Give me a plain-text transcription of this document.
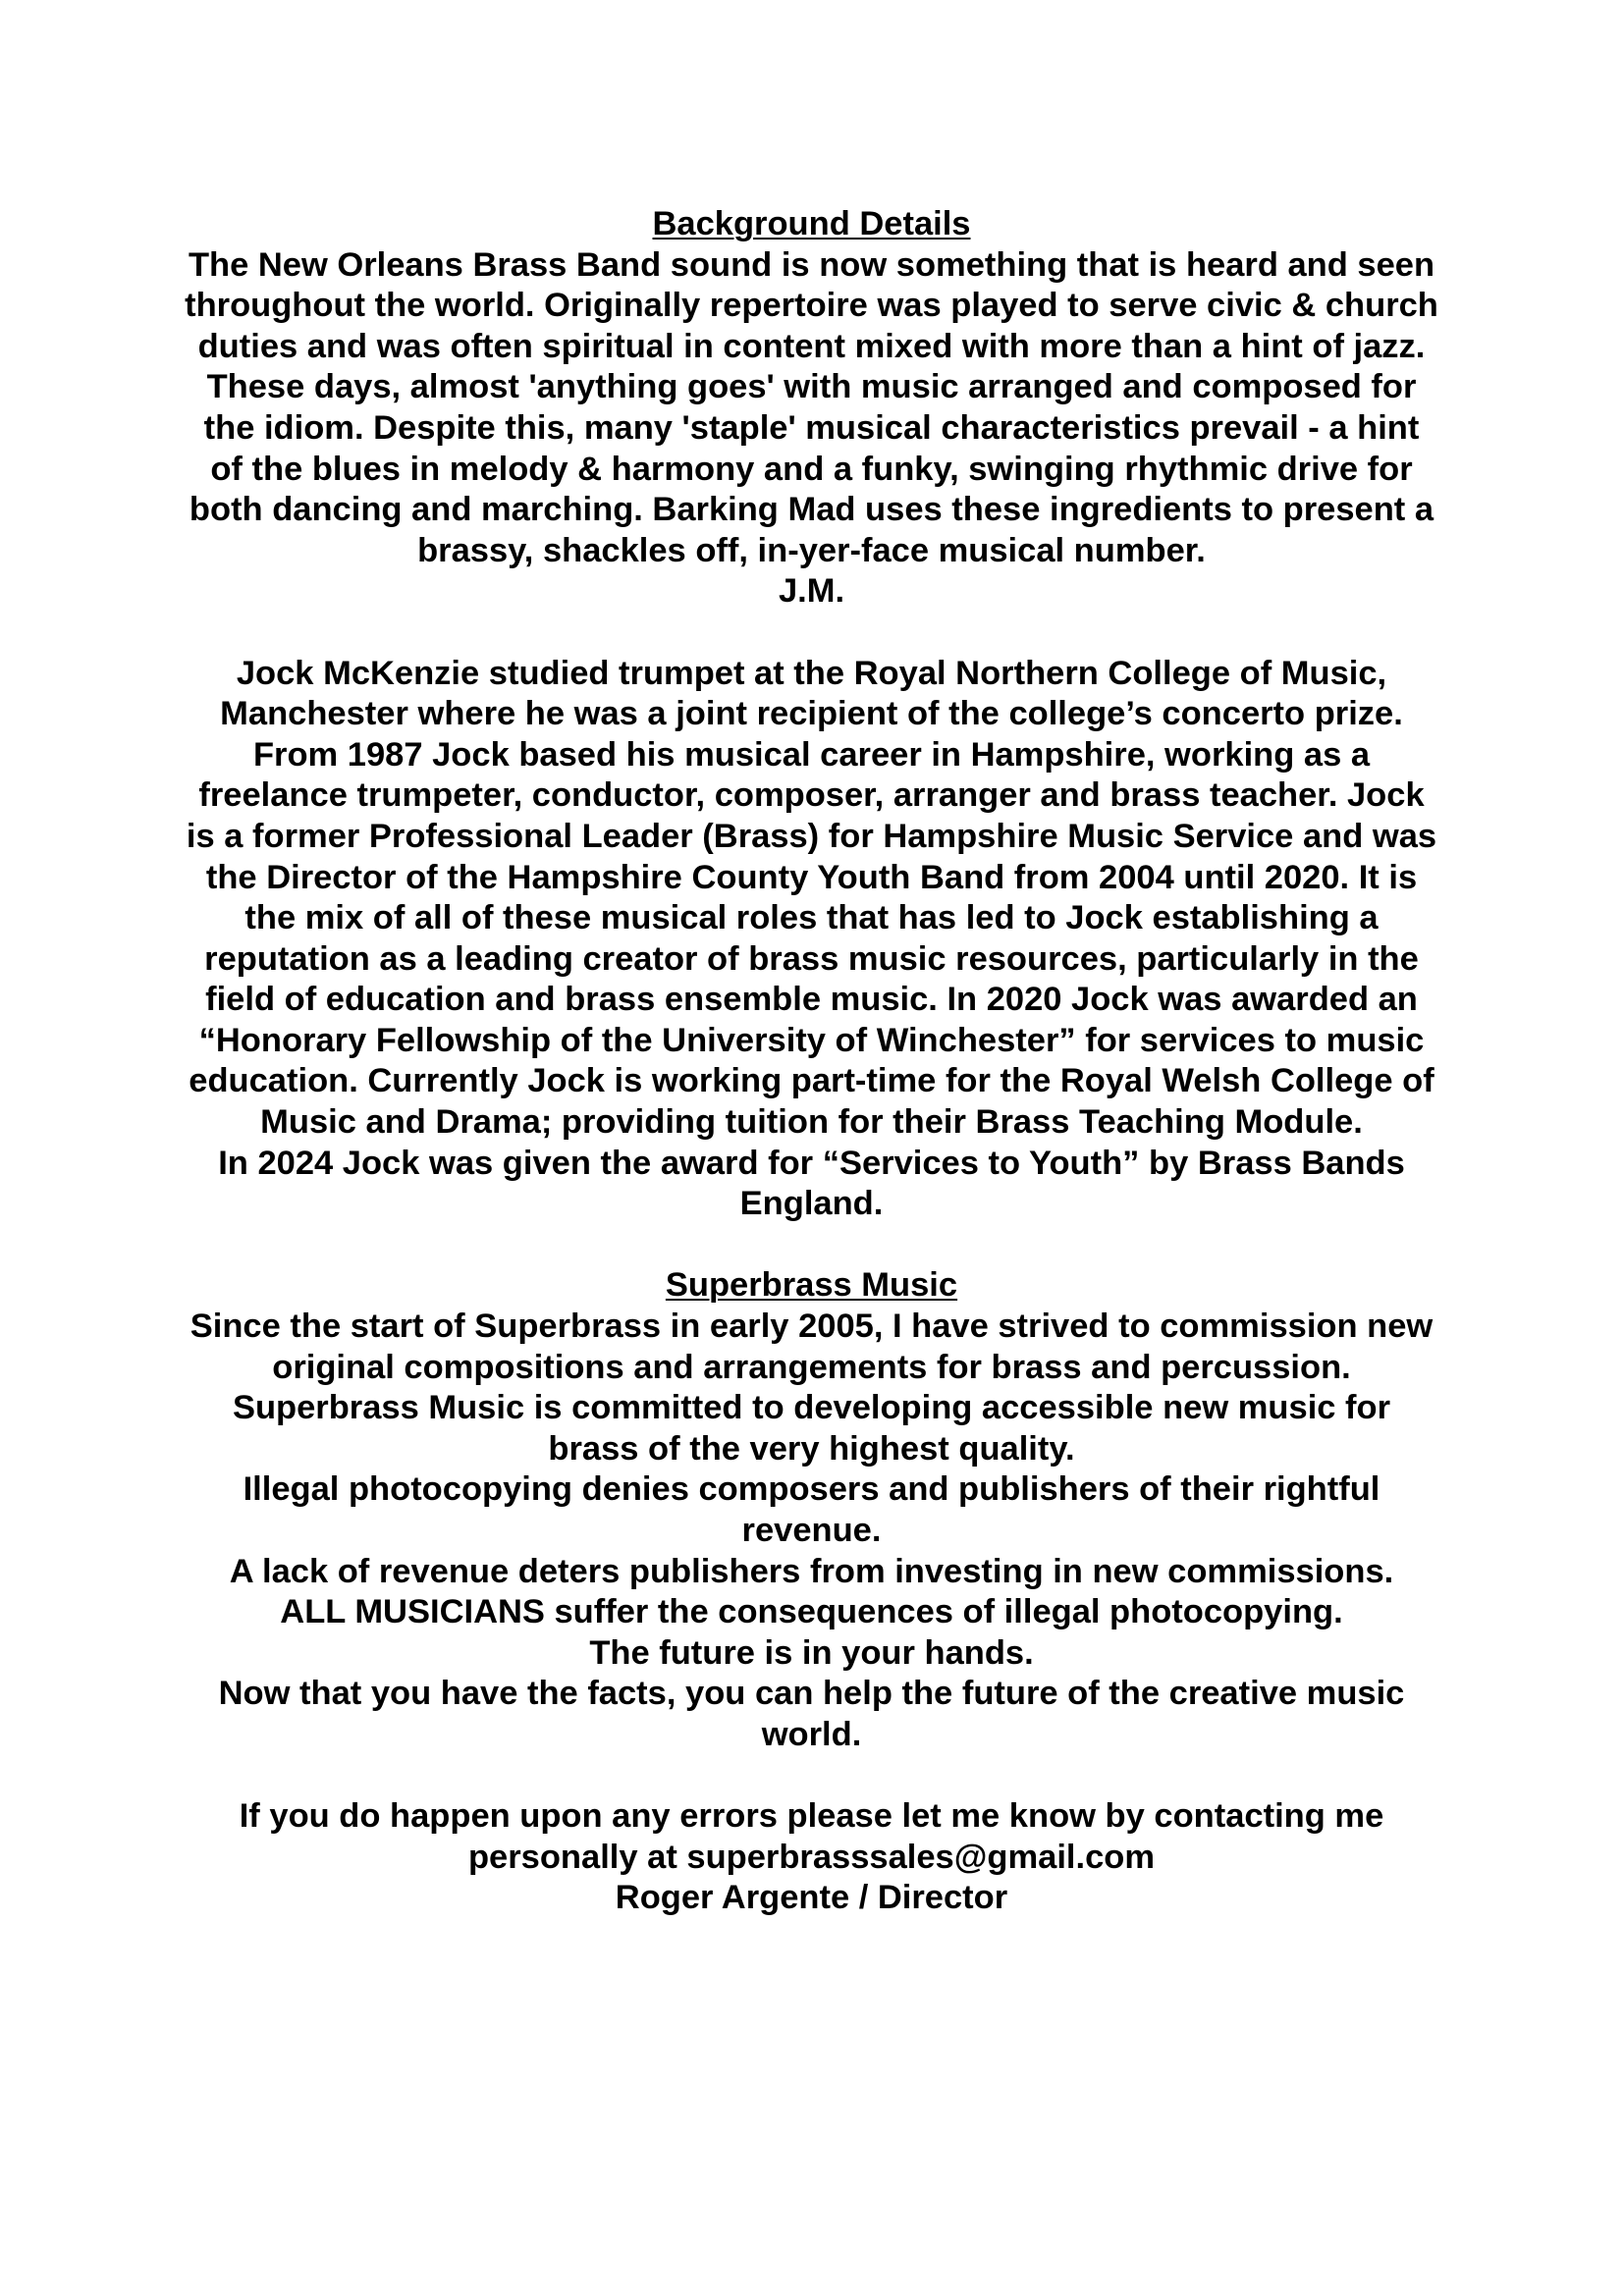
Background Details
The New Orleans Brass Band sound is now something that is heard and seen
throughout the world. Originally repertoire was played to serve civic & church
duties and was often spiritual in content mixed with more than a hint of jazz.
These days, almost 'anything goes' with music arranged and composed for
the idiom. Despite this, many 'staple' musical characteristics prevail - a hint
of the blues in melody & harmony and a funky, swinging rhythmic drive for
both dancing and marching. Barking Mad uses these ingredients to present a
brassy, shackles off, in-yer-face musical number.
J.M.
Jock McKenzie studied trumpet at the Royal Northern College of Music,
Manchester where he was a joint recipient of the college’s concerto prize.
From 1987 Jock based his musical career in Hampshire, working as a
freelance trumpeter, conductor, composer, arranger and brass teacher. Jock
is a former Professional Leader (Brass) for Hampshire Music Service and was
the Director of the Hampshire County Youth Band from 2004 until 2020. It is
the mix of all of these musical roles that has led to Jock establishing a
reputation as a leading creator of brass music resources, particularly in the
field of education and brass ensemble music. In 2020 Jock was awarded an
“Honorary Fellowship of the University of Winchester” for services to music
education. Currently Jock is working part-time for the Royal Welsh College of
Music and Drama; providing tuition for their Brass Teaching Module.
In 2024 Jock was given the award for “Services to Youth” by Brass Bands
England.
Superbrass Music
Since the start of Superbrass in early 2005, I have strived to commission new
original compositions and arrangements for brass and percussion.
Superbrass Music is committed to developing accessible new music for
brass of the very highest quality.
Illegal photocopying denies composers and publishers of their rightful
revenue.
A lack of revenue deters publishers from investing in new commissions.
ALL MUSICIANS suffer the consequences of illegal photocopying.
The future is in your hands.
Now that you have the facts, you can help the future of the creative music
world.
If you do happen upon any errors please let me know by contacting me
personally at superbrasssales@gmail.com
Roger Argente / Director
